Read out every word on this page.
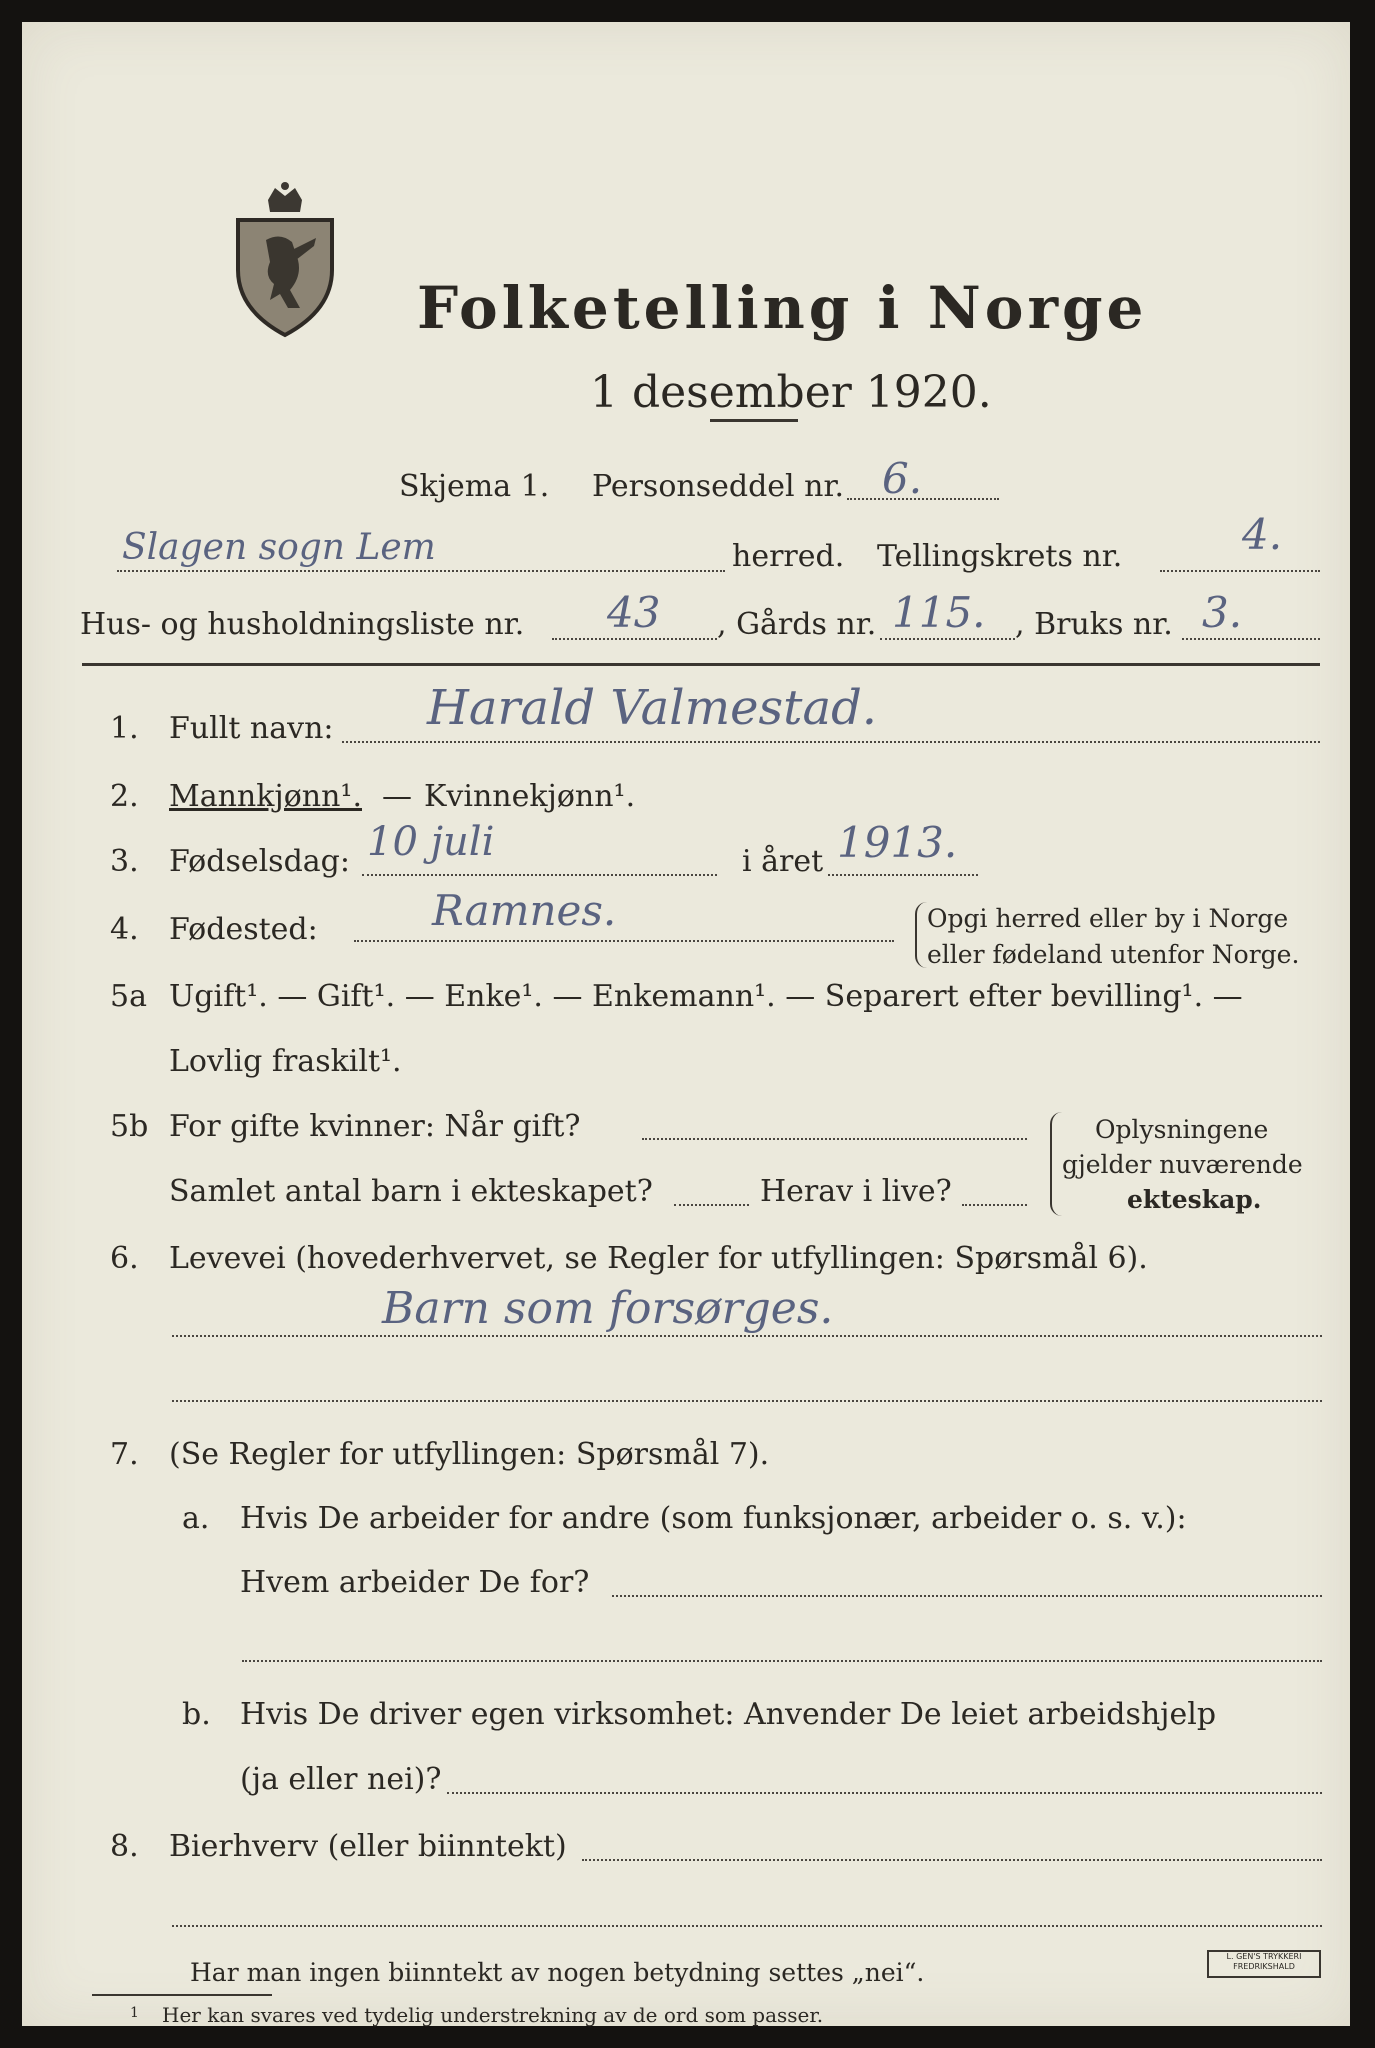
Folketelling i Norge
1 desember 1920.
Skjema 1. Personseddel nr. 6.
Slagen sogn Lem	herred. Tellingskrets nr.	4.
Hus- og husholdningsliste nr. 43 , Gårds nr. 115. , Bruks nr. 3.
1. Fullt navn: Harald Valmestad.
2. Mannkjønn¹. — Kvinnekjønn¹.
3. Fødselsdag: 10 juli	i året 1913.
4. Fødested:	Ramnes.	Opgi herred eller by i Norge
eller fødeland utenfor Norge.
5a Ugift¹. — Gift¹. — Enke¹. — Enkemann¹. — Separert efter bevilling¹. —
Lovlig fraskilt¹.
5b For gifte kvinner: Når gift?
Samlet antal barn i ekteskapet?	Herav i live?
Oplysningene
gjelder nuværende
ekteskap.
6. Levevei (hovederhvervet, se Regler for utfyllingen: Spørsmål 6).
Barn som forsørges.
7. (Se Regler for utfyllingen: Spørsmål 7).
a. Hvis De arbeider for andre (som funksjonær, arbeider o. s. v.):
Hvem arbeider De for?
b. Hvis De driver egen virksomhet: Anvender De leiet arbeidshjelp
(ja eller nei)?
8. Bierhverv (eller biinntekt)
Har man ingen biinntekt av nogen betydning settes „nei“.
1 Her kan svares ved tydelig understrekning av de ord som passer.
L. GEN'S TRYKKERI FREDRIKSHALD
